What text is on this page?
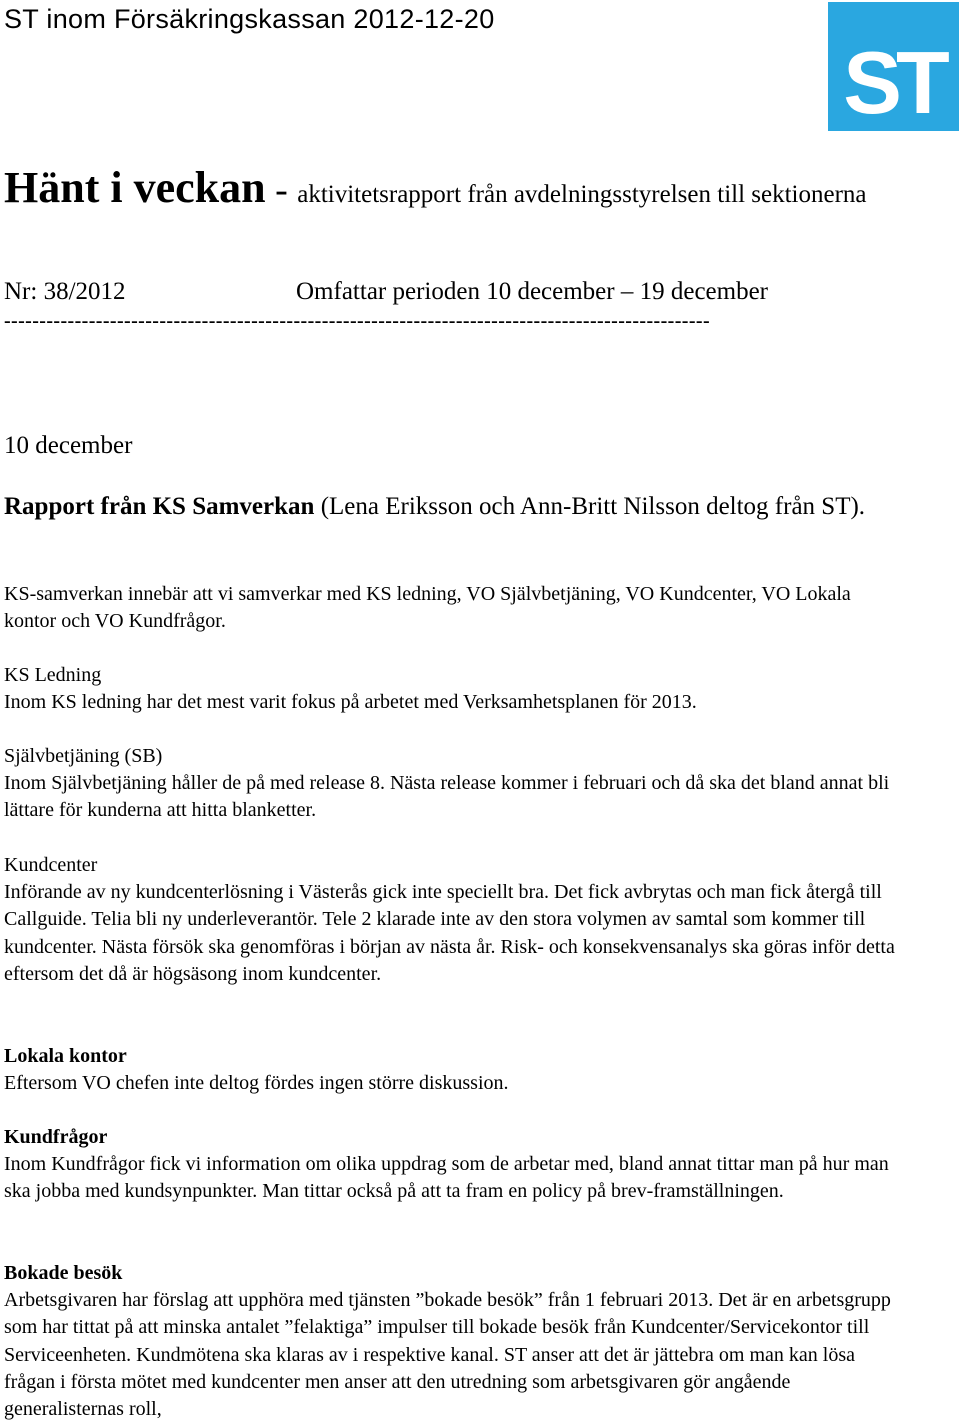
ST inom Försäkringskassan 2012-12-20
ST
Hänt i veckan - aktivitetsrapport från avdelningsstyrelsen till sektionerna
Nr: 38/2012	Omfattar perioden 10 december – 19 december
----------------------------------------------------------------------------------------------------
10 december
Rapport från KS Samverkan (Lena Eriksson och Ann-Britt Nilsson deltog från ST).
KS-samverkan innebär att vi samverkar med KS ledning, VO Självbetjäning, VO Kundcenter, VO Lokala kontor och VO Kundfrågor.
KS Ledning
Inom KS ledning har det mest varit fokus på arbetet med Verksamhetsplanen för 2013.
Självbetjäning (SB)
Inom Självbetjäning håller de på med release 8. Nästa release kommer i februari och då ska det bland annat bli lättare för kunderna att hitta blanketter.
Kundcenter
Införande av ny kundcenterlösning i Västerås gick inte speciellt bra. Det fick avbrytas och man fick återgå till Callguide. Telia bli ny underleverantör. Tele 2 klarade inte av den stora volymen av samtal som kommer till kundcenter. Nästa försök ska genomföras i början av nästa år. Risk- och konsekvensanalys ska göras inför detta eftersom det då är högsäsong inom kundcenter.
Lokala kontor
Eftersom VO chefen inte deltog fördes ingen större diskussion.
Kundfrågor
Inom Kundfrågor fick vi information om olika uppdrag som de arbetar med, bland annat tittar man på hur man ska jobba med kundsynpunkter. Man tittar också på att ta fram en policy på brev-framställningen.
Bokade besök
Arbetsgivaren har förslag att upphöra med tjänsten ”bokade besök” från 1 februari 2013. Det är en arbetsgrupp som har tittat på att minska antalet ”felaktiga” impulser till bokade besök från Kundcenter/Servicekontor till Serviceenheten. Kundmötena ska klaras av i respektive kanal. ST anser att det är jättebra om man kan lösa frågan i första mötet med kundcenter men anser att den utredning som arbetsgivaren gör angående generalisternas roll,
